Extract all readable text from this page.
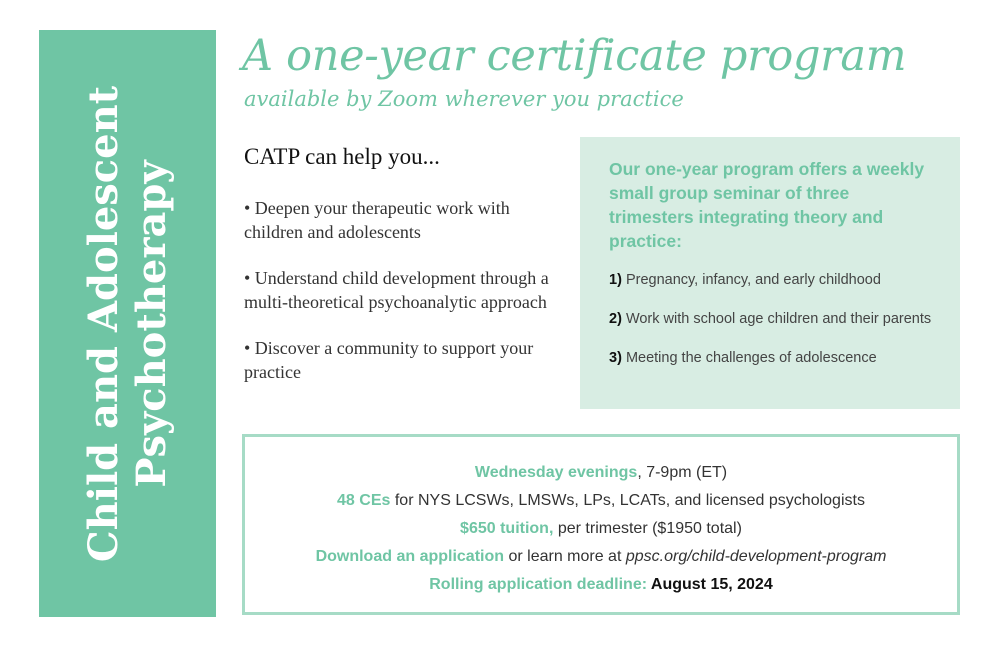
Child and Adolescent Psychotherapy
A one-year certificate program
available by Zoom wherever you practice
CATP can help you...
• Deepen your therapeutic work with children and adolescents
• Understand child development through a multi-theoretical psychoanalytic approach
• Discover a community to support your practice

Our one-year program offers a weekly small group seminar of three trimesters integrating theory and practice:

1) Pregnancy, infancy, and early childhood
2) Work with school age children and their parents
3) Meeting the challenges of adolescence
Wednesday evenings, 7-9pm (ET)
48 CEs for NYS LCSWs, LMSWs, LPs, LCATs, and licensed psychologists
$650 tuition, per trimester ($1950 total)
Download an application or learn more at ppsc.org/child-development-program
Rolling application deadline: August 15, 2024
